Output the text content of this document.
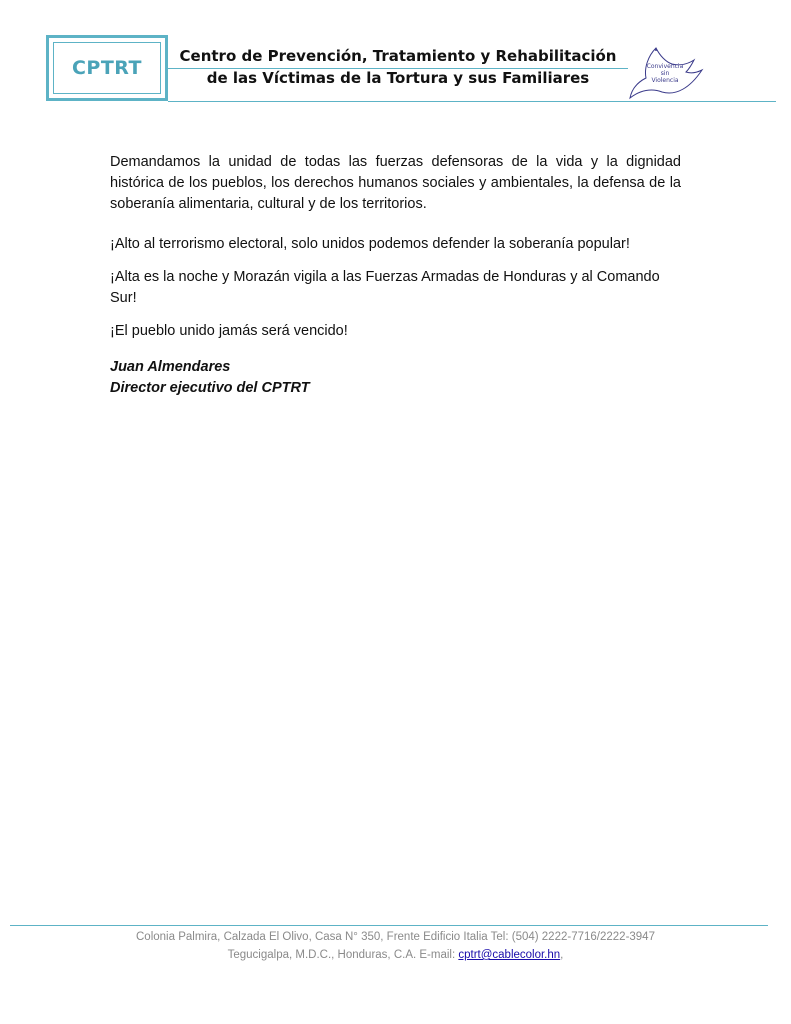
CPTRT
Centro de Prevención, Tratamiento y Rehabilitación
de las Víctimas de la Tortura y sus Familiares
Convivencia
sin
Violencia

Demandamos la unidad de todas las fuerzas defensoras de la vida y la dignidad histórica de los pueblos, los derechos humanos sociales y ambientales, la defensa de la soberanía alimentaria, cultural y de los territorios.

¡Alto al terrorismo electoral, solo unidos podemos defender la soberanía popular!

¡Alta es la noche y Morazán vigila a las Fuerzas Armadas de Honduras y al Comando Sur!

¡El pueblo unido jamás será vencido!

Juan Almendares

Director ejecutivo del CPTRT

Colonia Palmira, Calzada El Olivo, Casa N° 350, Frente Edificio Italia Tel: (504) 2222-7716/2222-3947
Tegucigalpa, M.D.C., Honduras, C.A. E-mail: cptrt@cablecolor.hn,
